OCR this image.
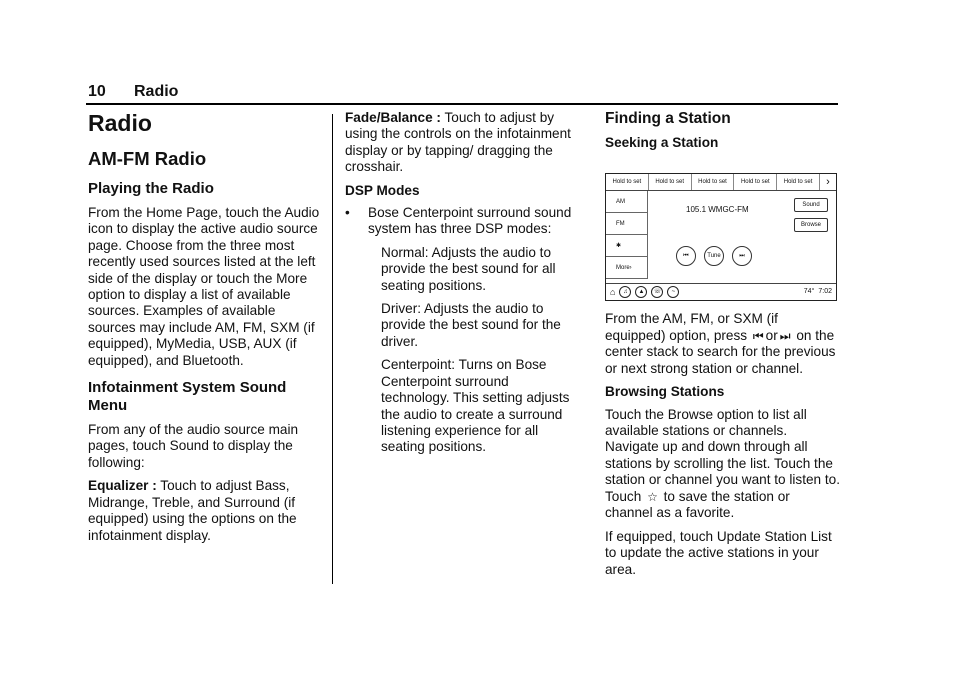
10 Radio
Radio
AM-FM Radio
Playing the Radio

From the Home Page, touch the Audio icon to display the active audio source page. Choose from the three most recently used sources listed at the left side of the display or touch the More option to display a list of available sources. Examples of available sources may include AM, FM, SXM (if equipped), MyMedia, USB, AUX (if equipped), and Bluetooth.

Infotainment System Sound Menu

From any of the audio source main pages, touch Sound to display the following:

Equalizer : Touch to adjust Bass, Midrange, Treble, and Surround (if equipped) using the options on the infotainment display.

Fade/Balance : Touch to adjust by using the controls on the infotainment display or by tapping/ dragging the crosshair.

DSP Modes
•	Bose Centerpoint surround sound system has three DSP modes:

Normal: Adjusts the audio to provide the best sound for all seating positions.

Driver: Adjusts the audio to provide the best sound for the driver.

Centerpoint: Turns on Bose Centerpoint surround technology. This setting adjusts the audio to create a surround listening experience for all seating positions.

Finding a Station
Seeking a Station
Hold to set	Hold to set	Hold to set	Hold to set	Hold to set	›
AM
FM
✱
More›
105.1 WMGC-FM	Sound
Browse
⏮	Tune	⏭
⌂	♫	▲	☏	~	74° 7:02

From the AM, FM, or SXM (if equipped) option, press ⏮ or ⏭ on the center stack to search for the previous or next strong station or channel.

Browsing Stations

Touch the Browse option to list all available stations or channels. Navigate up and down through all stations by scrolling the list. Touch the station or channel you want to listen to. Touch ☆ to save the station or channel as a favorite.

If equipped, touch Update Station List to update the active stations in your area.
